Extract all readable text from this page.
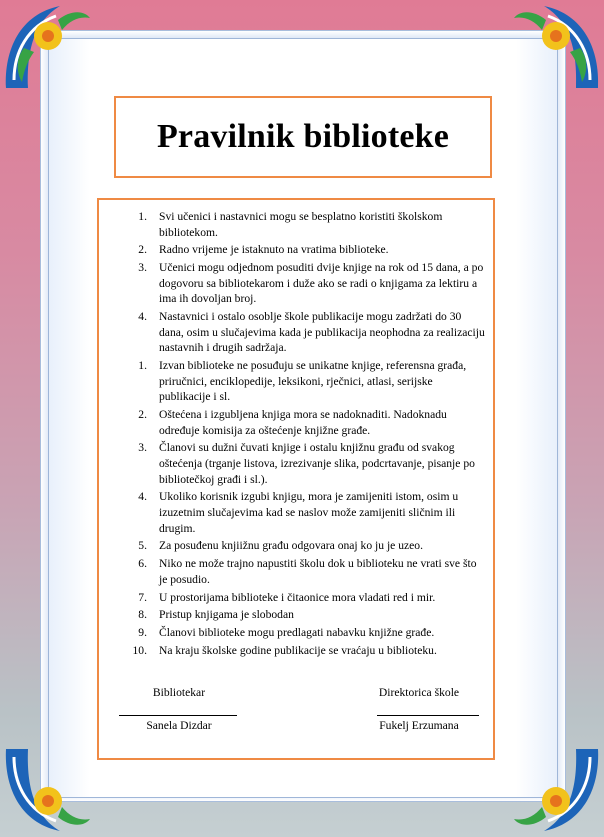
Pravilnik biblioteke
1.	Svi učenici i nastavnici mogu se besplatno koristiti školskom bibliotekom.
2.	Radno vrijeme je istaknuto na vratima biblioteke.
3.	Učenici mogu odjednom posuditi dvije knjige na rok od 15 dana, a po dogovoru sa bibliotekarom i duže ako se radi o knjigama za lektiru a ima ih dovoljan broj.
4.	Nastavnici i ostalo osoblje škole publikacije mogu zadržati do 30 dana, osim u slučajevima kada je publikacija neophodna za realizaciju nastavnih i drugih sadržaja.
1.	Izvan biblioteke ne posuđuju se unikatne knjige, referensna građa, priručnici, enciklopedije, leksikoni, rječnici, atlasi, serijske publikacije i sl.
2.	Oštećena i izgubljena knjiga mora se nadoknaditi. Nadoknadu određuje komisija za oštećenje knjižne građe.
3.	Članovi su dužni čuvati knjige i ostalu knjižnu građu od svakog oštećenja (trganje listova, izrezivanje slika, podcrtavanje, pisanje po bibliotečkoj građi i sl.).
4.	Ukoliko korisnik izgubi knjigu, mora je zamijeniti istom, osim u izuzetnim slučajevima kad se naslov može zamijeniti sličnim ili drugim.
5.	Za posuđenu knjiižnu građu odgovara onaj ko ju je uzeo.
6.	Niko ne može trajno napustiti školu dok u biblioteku ne vrati sve što je posudio.
7.	U prostorijama biblioteke i čitaonice mora vladati red i mir.
8.	Pristup knjigama je slobodan
9.	Članovi biblioteke mogu predlagati nabavku knjižne građe.
10.	Na kraju školske godine publikacije se vraćaju u biblioteku.
Bibliotekar
Sanela Dizdar
Direktorica škole
Fukelj Erzumana
